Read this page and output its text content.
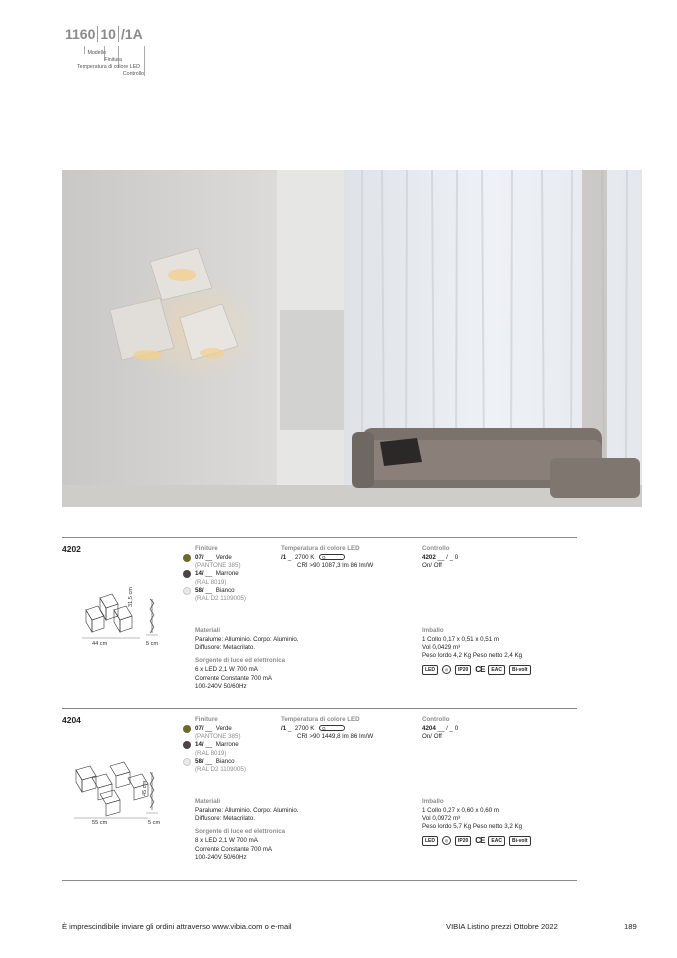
1160 10 /1A
Modello
Finitura
Temperatura di colore LED
Controllo
4202
44 cm	5 cm
31,5 cm
Finiture
07/
__
Verde
(PANTONE 385)
14/
__
Marrone
(RAL 8019)
58/
__
Bianco
(RAL D2 1109005)
Temperatura di colore LED
/1 _ 2700 K G
CRI >90 1087,3 lm 86 lm/W
Controllo
4202 __ / _ 0
On/ Off
Materiali
Paralume: Alluminio. Corpo: Aluminio.
Diffusore: Metacrilato.
Sorgente di luce ed elettronica
6 x LED 2,1 W 700 mA
Corrente Constante 700 mA
100-240V 50/60Hz
Imballo
1 Collo 0,17 x 0,51 x 0,51 m
Vol 0,0429 m³
Peso lordo 4,2 Kg Peso netto 2,4 Kg
LED	◎	IP20 CE	EAC	Bi-volt
4204
55 cm	5 cm
45 cm
Finiture
07/
__
Verde
(PANTONE 385)
14/
__
Marrone
(RAL 8019)
58/
__
Bianco
(RAL D2 1109005)
Temperatura di colore LED
/1 _ 2700 K G
CRI >90 1449,8 lm 86 lm/W
Controllo
4204 __ / _ 0
On/ Off
Materiali
Paralume: Alluminio. Corpo: Aluminio.
Diffusore: Metacrilato.
Sorgente di luce ed elettronica
8 x LED 2,1 W 700 mA
Corrente Constante 700 mA
100-240V 50/60Hz
Imballo
1 Collo 0,27 x 0,60 x 0,60 m
Vol 0,0972 m³
Peso lordo 5,7 Kg Peso netto 3,2 Kg
LED	◎	IP20 CE	EAC	Bi-volt
È imprescindibile inviare gli ordini attraverso www.vibia.com o e-mail	VIBIA Listino prezzi Ottobre 2022	189
